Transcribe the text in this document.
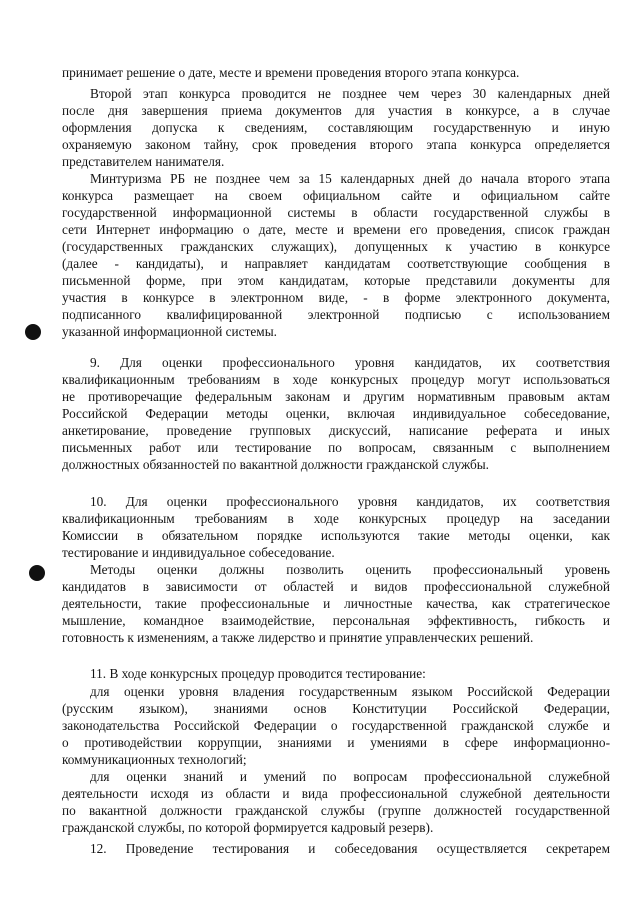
принимает решение о дате, месте и времени проведения второго этапа конкурса.
Второй этап конкурса проводится не позднее чем через 30 календарных дней
после дня завершения приема документов для участия в конкурсе, а в случае
оформления допуска к сведениям, составляющим государственную и иную
охраняемую законом тайну, срок проведения второго этапа конкурса определяется
представителем нанимателя.
Минтуризма РБ не позднее чем за 15 календарных дней до начала второго этапа
конкурса размещает на своем официальном сайте и официальном сайте
государственной информационной системы в области государственной службы в
сети Интернет информацию о дате, месте и времени его проведения, список граждан
(государственных гражданских служащих), допущенных к участию в конкурсе
(далее - кандидаты), и направляет кандидатам соответствующие сообщения в
письменной форме, при этом кандидатам, которые представили документы для
участия в конкурсе в электронном виде, - в форме электронного документа,
подписанного квалифицированной электронной подписью с использованием
указанной информационной системы.
9. Для оценки профессионального уровня кандидатов, их соответствия
квалификационным требованиям в ходе конкурсных процедур могут использоваться
не противоречащие федеральным законам и другим нормативным правовым актам
Российской Федерации методы оценки, включая индивидуальное собеседование,
анкетирование, проведение групповых дискуссий, написание реферата и иных
письменных работ или тестирование по вопросам, связанным с выполнением
должностных обязанностей по вакантной должности гражданской службы.
10. Для оценки профессионального уровня кандидатов, их соответствия
квалификационным требованиям в ходе конкурсных процедур на заседании
Комиссии в обязательном порядке используются такие методы оценки, как
тестирование и индивидуальное собеседование.
Методы оценки должны позволить оценить профессиональный уровень
кандидатов в зависимости от областей и видов профессиональной служебной
деятельности, такие профессиональные и личностные качества, как стратегическое
мышление, командное взаимодействие, персональная эффективность, гибкость и
готовность к изменениям, а также лидерство и принятие управленческих решений.
11. В ходе конкурсных процедур проводится тестирование:
для оценки уровня владения государственным языком Российской Федерации
(русским языком), знаниями основ Конституции Российской Федерации,
законодательства Российской Федерации о государственной гражданской службе и
о противодействии коррупции, знаниями и умениями в сфере информационно-
коммуникационных технологий;
для оценки знаний и умений по вопросам профессиональной служебной
деятельности исходя из области и вида профессиональной служебной деятельности
по вакантной должности гражданской службы (группе должностей государственной
гражданской службы, по которой формируется кадровый резерв).
12. Проведение тестирования и собеседования осуществляется секретарем
